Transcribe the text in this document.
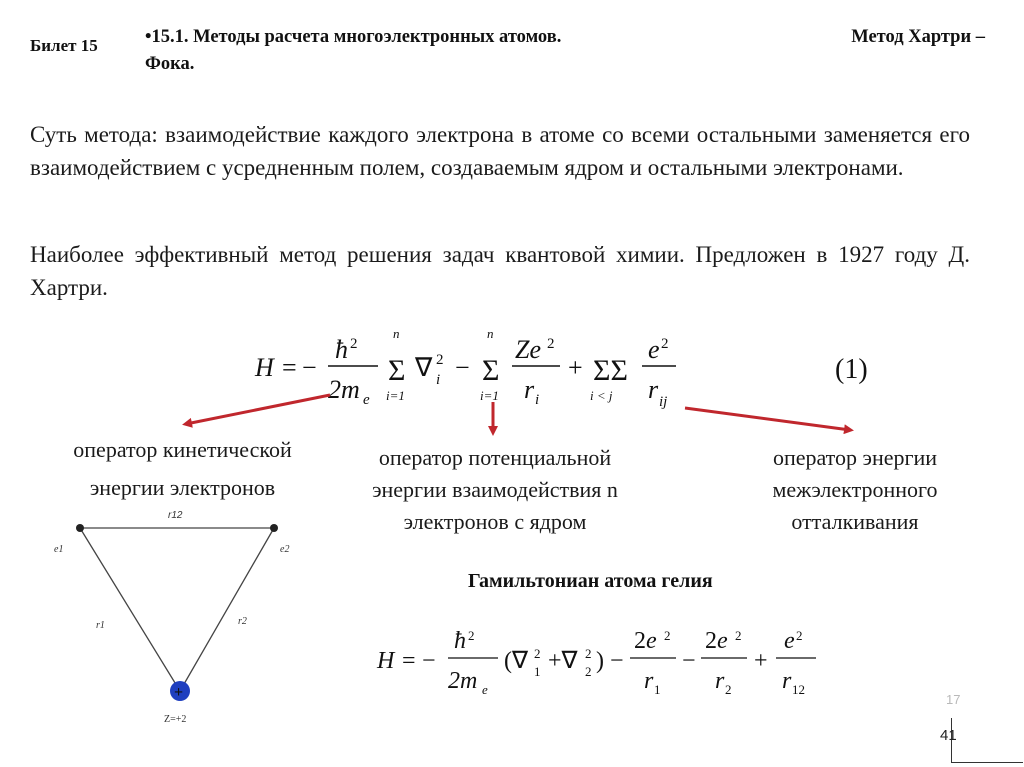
Билет 15	•15.1. Методы расчета многоэлектронных атомов.	Метод Хартри –
Фока.
Суть метода: взаимодействие каждого электрона в атоме со всеми остальными заменяется его взаимодействием с усредненным полем, создаваемым ядром и остальными электронами.
Наиболее эффективный метод решения задач квантовой химии. Предложен в 1927 году Д. Хартри.
H = −
ħ 2
2m e
n
Σ
i=1
∇ 2
i −
n
Σ
i=1
Ze 2
r i
+ ΣΣ
i < j
e 2
r ij
(1)
оператор кинетической
энергии электронов
оператор потенциальной
энергии взаимодействия n
электронов с ядром
оператор энергии
межэлектронного
отталкивания
+
r12
e1	e2
r1	r2
Z=+2
Гамильтониан атома гелия
H = −
ħ 2
2m e
(∇ 2
1 +∇ 2
2 ) −
2e 2
r 1
−
2e 2
r 2
+
e 2
r 12
17
41
